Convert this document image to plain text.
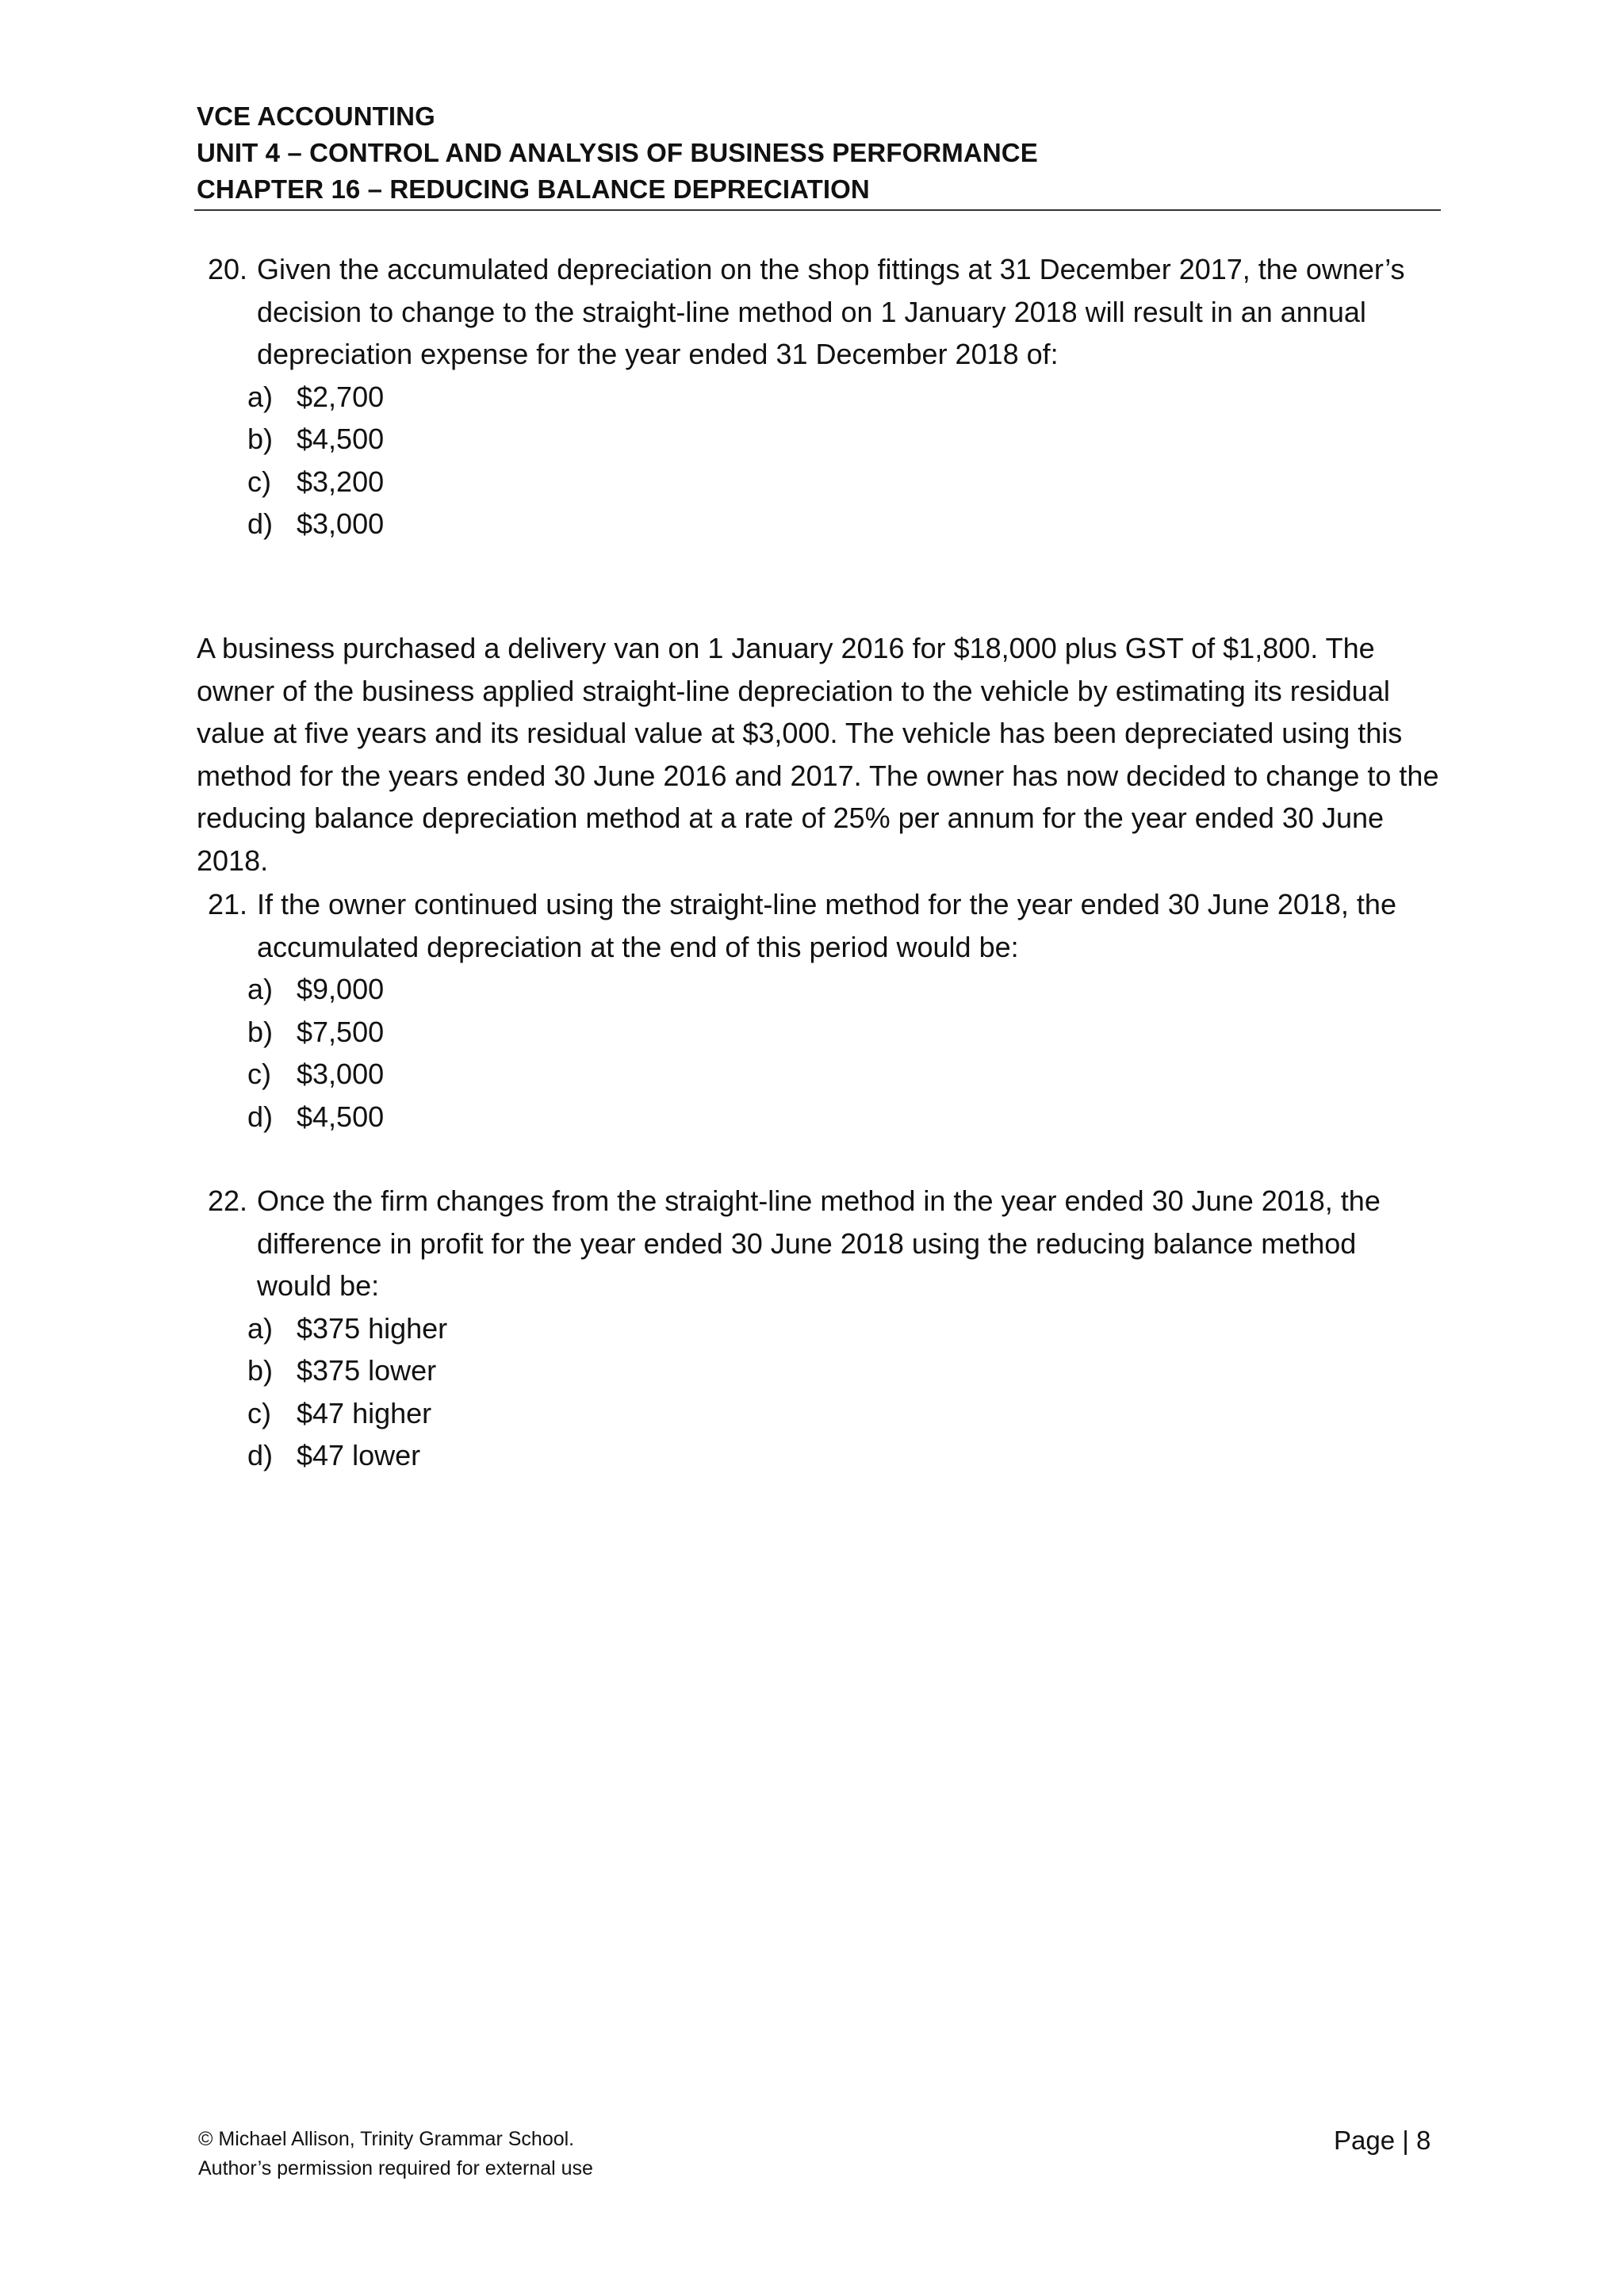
VCE ACCOUNTING
UNIT 4 – CONTROL AND ANALYSIS OF BUSINESS PERFORMANCE
CHAPTER 16 – REDUCING BALANCE DEPRECIATION
20. Given the accumulated depreciation on the shop fittings at 31 December 2017, the owner’s decision to change to the straight-line method on 1 January 2018 will result in an annual depreciation expense for the year ended 31 December 2018 of:
a) $2,700
b) $4,500
c) $3,200
d) $3,000
A business purchased a delivery van on 1 January 2016 for $18,000 plus GST of $1,800. The owner of the business applied straight-line depreciation to the vehicle by estimating its residual value at five years and its residual value at $3,000. The vehicle has been depreciated using this method for the years ended 30 June 2016 and 2017. The owner has now decided to change to the reducing balance depreciation method at a rate of 25% per annum for the year ended 30 June 2018.
21. If the owner continued using the straight-line method for the year ended 30 June 2018, the accumulated depreciation at the end of this period would be:
a) $9,000
b) $7,500
c) $3,000
d) $4,500
22. Once the firm changes from the straight-line method in the year ended 30 June 2018, the difference in profit for the year ended 30 June 2018 using the reducing balance method would be:
a) $375 higher
b) $375 lower
c) $47 higher
d) $47 lower
© Michael Allison, Trinity Grammar School.
Author’s permission required for external use
Page | 8
